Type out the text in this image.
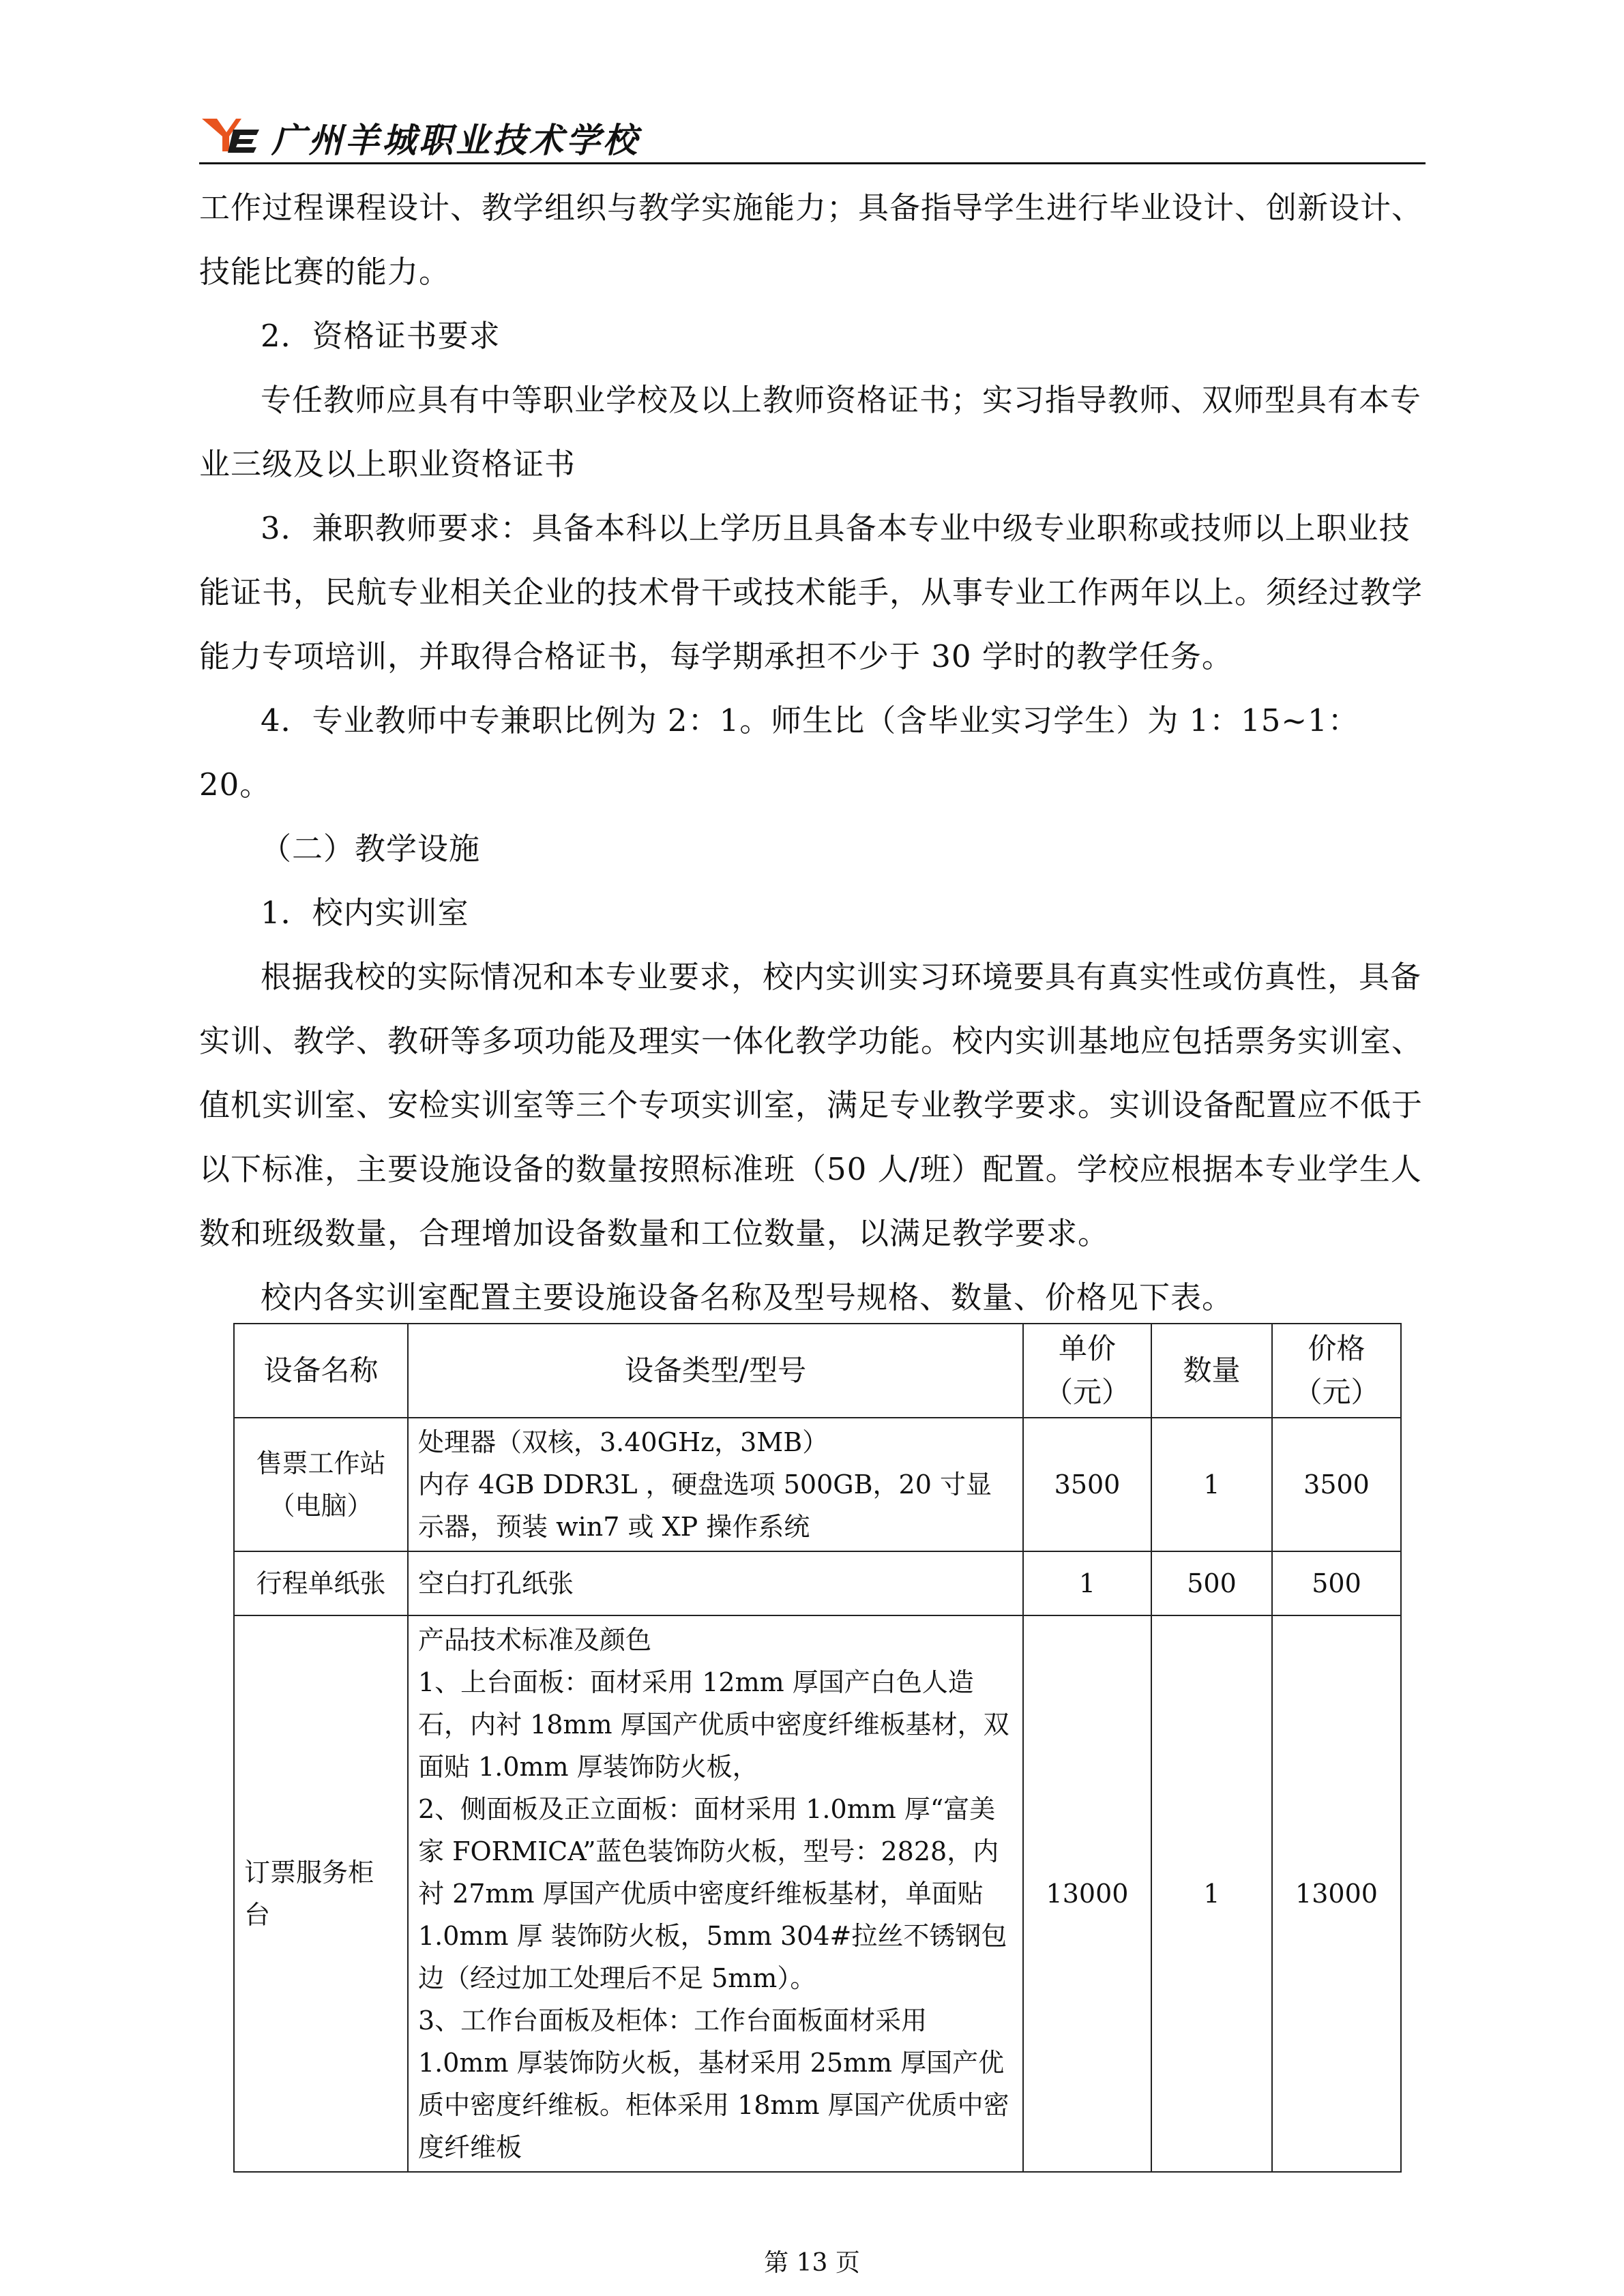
广州羊城职业技术学校

工作过程课程设计、教学组织与教学实施能力；具备指导学生进行毕业设计、创新设计、技能比赛的能力。

2．资格证书要求

专任教师应具有中等职业学校及以上教师资格证书；实习指导教师、双师型具有本专业三级及以上职业资格证书

3．兼职教师要求：具备本科以上学历且具备本专业中级专业职称或技师以上职业技能证书，民航专业相关企业的技术骨干或技术能手，从事专业工作两年以上。须经过教学能力专项培训，并取得合格证书，每学期承担不少于 30 学时的教学任务。

4．专业教师中专兼职比例为 2：1。师生比（含毕业实习学生）为 1：15~1：20。

（二）教学设施

1．校内实训室

根据我校的实际情况和本专业要求，校内实训实习环境要具有真实性或仿真性，具备实训、教学、教研等多项功能及理实一体化教学功能。校内实训基地应包括票务实训室、值机实训室、安检实训室等三个专项实训室，满足专业教学要求。实训设备配置应不低于以下标准，主要设施设备的数量按照标准班（50 人/班）配置。学校应根据本专业学生人数和班级数量，合理增加设备数量和工位数量，以满足教学要求。

校内各实训室配置主要设施设备名称及型号规格、数量、价格见下表。

设备名称	设备类型/型号	单价（元）	数量	价格（元）
售票工作站（电脑）	处理器（双核，3.40GHz，3MB）
内存 4GB DDR3L ，硬盘选项 500GB，20 寸显示器，预装 win7 或 XP 操作系统	3500	1	3500
行程单纸张	空白打孔纸张	1	500	500
订票服务柜台	产品技术标准及颜色
1、上台面板：面材采用 12mm 厚国产白色人造石，内衬 18mm 厚国产优质中密度纤维板基材，双面贴 1.0mm 厚装饰防火板，
2、侧面板及正立面板：面材采用 1.0mm 厚“富美家 FORMICA”蓝色装饰防火板，型号：2828，内衬 27mm 厚国产优质中密度纤维板基材，单面贴 1.0mm 厚 装饰防火板，5mm 304#拉丝不锈钢包边（经过加工处理后不足 5mm）。
3、工作台面板及柜体：工作台面板面材采用 1.0mm 厚装饰防火板，基材采用 25mm 厚国产优质中密度纤维板。柜体采用 18mm 厚国产优质中密度纤维板	13000	1	13000
第 13 页
